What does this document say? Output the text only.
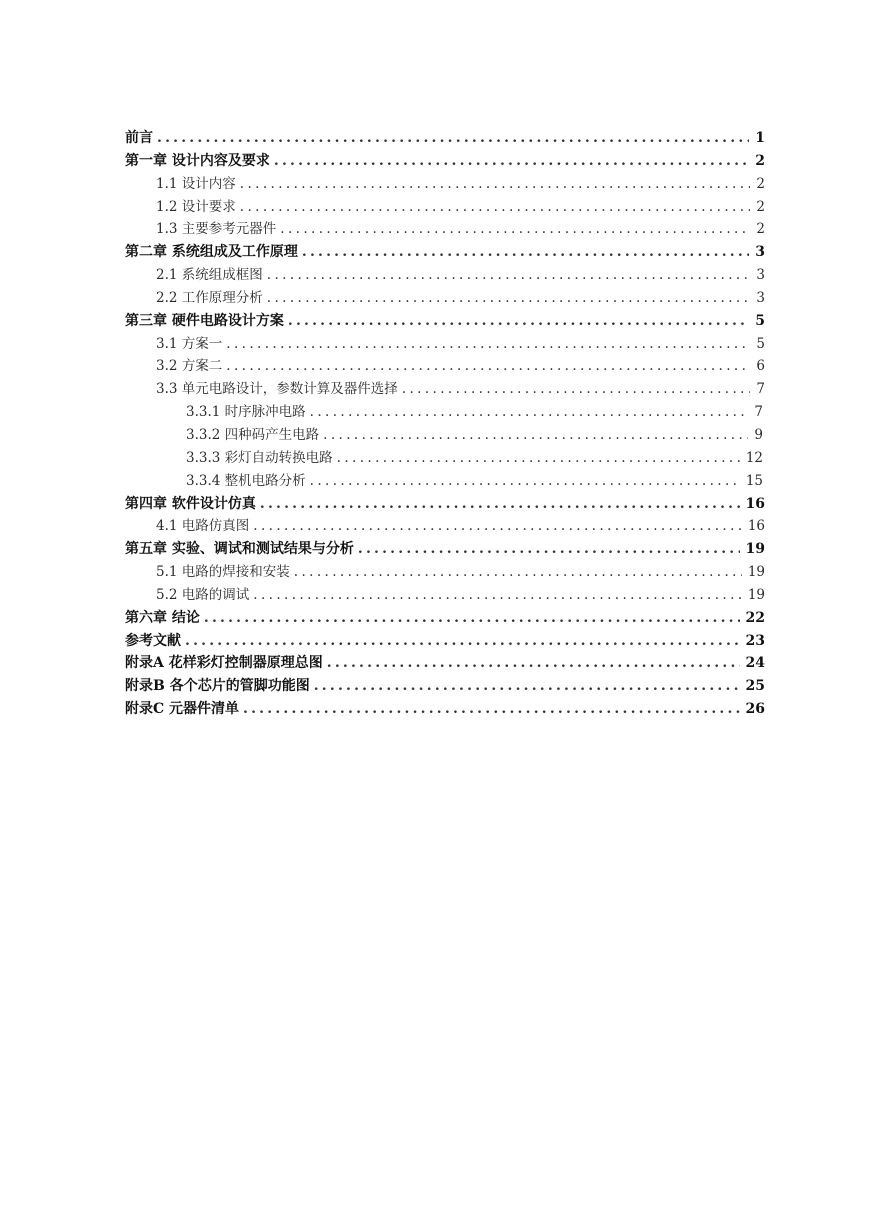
前言 .....	1
第一章 设计内容及要求 .....	2
1.1 设计内容 .....	2
1.2 设计要求 .....	2
1.3 主要参考元器件 .....	2
第二章 系统组成及工作原理 .....	3
2.1 系统组成框图 .....	3
2.2 工作原理分析 .....	3
第三章 硬件电路设计方案 .....	5
3.1 方案一 .....	5
3.2 方案二 .....	6
3.3 单元电路设计，参数计算及器件选择 .....	7
3.3.1 时序脉冲电路 .....	7
3.3.2 四种码产生电路 .....	9
3.3.3 彩灯自动转换电路 .....	12
3.3.4 整机电路分析 .....	15
第四章 软件设计仿真 .....	16
4.1 电路仿真图 .....	16
第五章 实验、调试和测试结果与分析 .....	19
5.1 电路的焊接和安装 .....	19
5.2 电路的调试 .....	19
第六章 结论 .....	22
参考文献 .....	23
附录A 花样彩灯控制器原理总图 .....	24
附录B 各个芯片的管脚功能图 .....	25
附录C 元器件清单 .....	26
